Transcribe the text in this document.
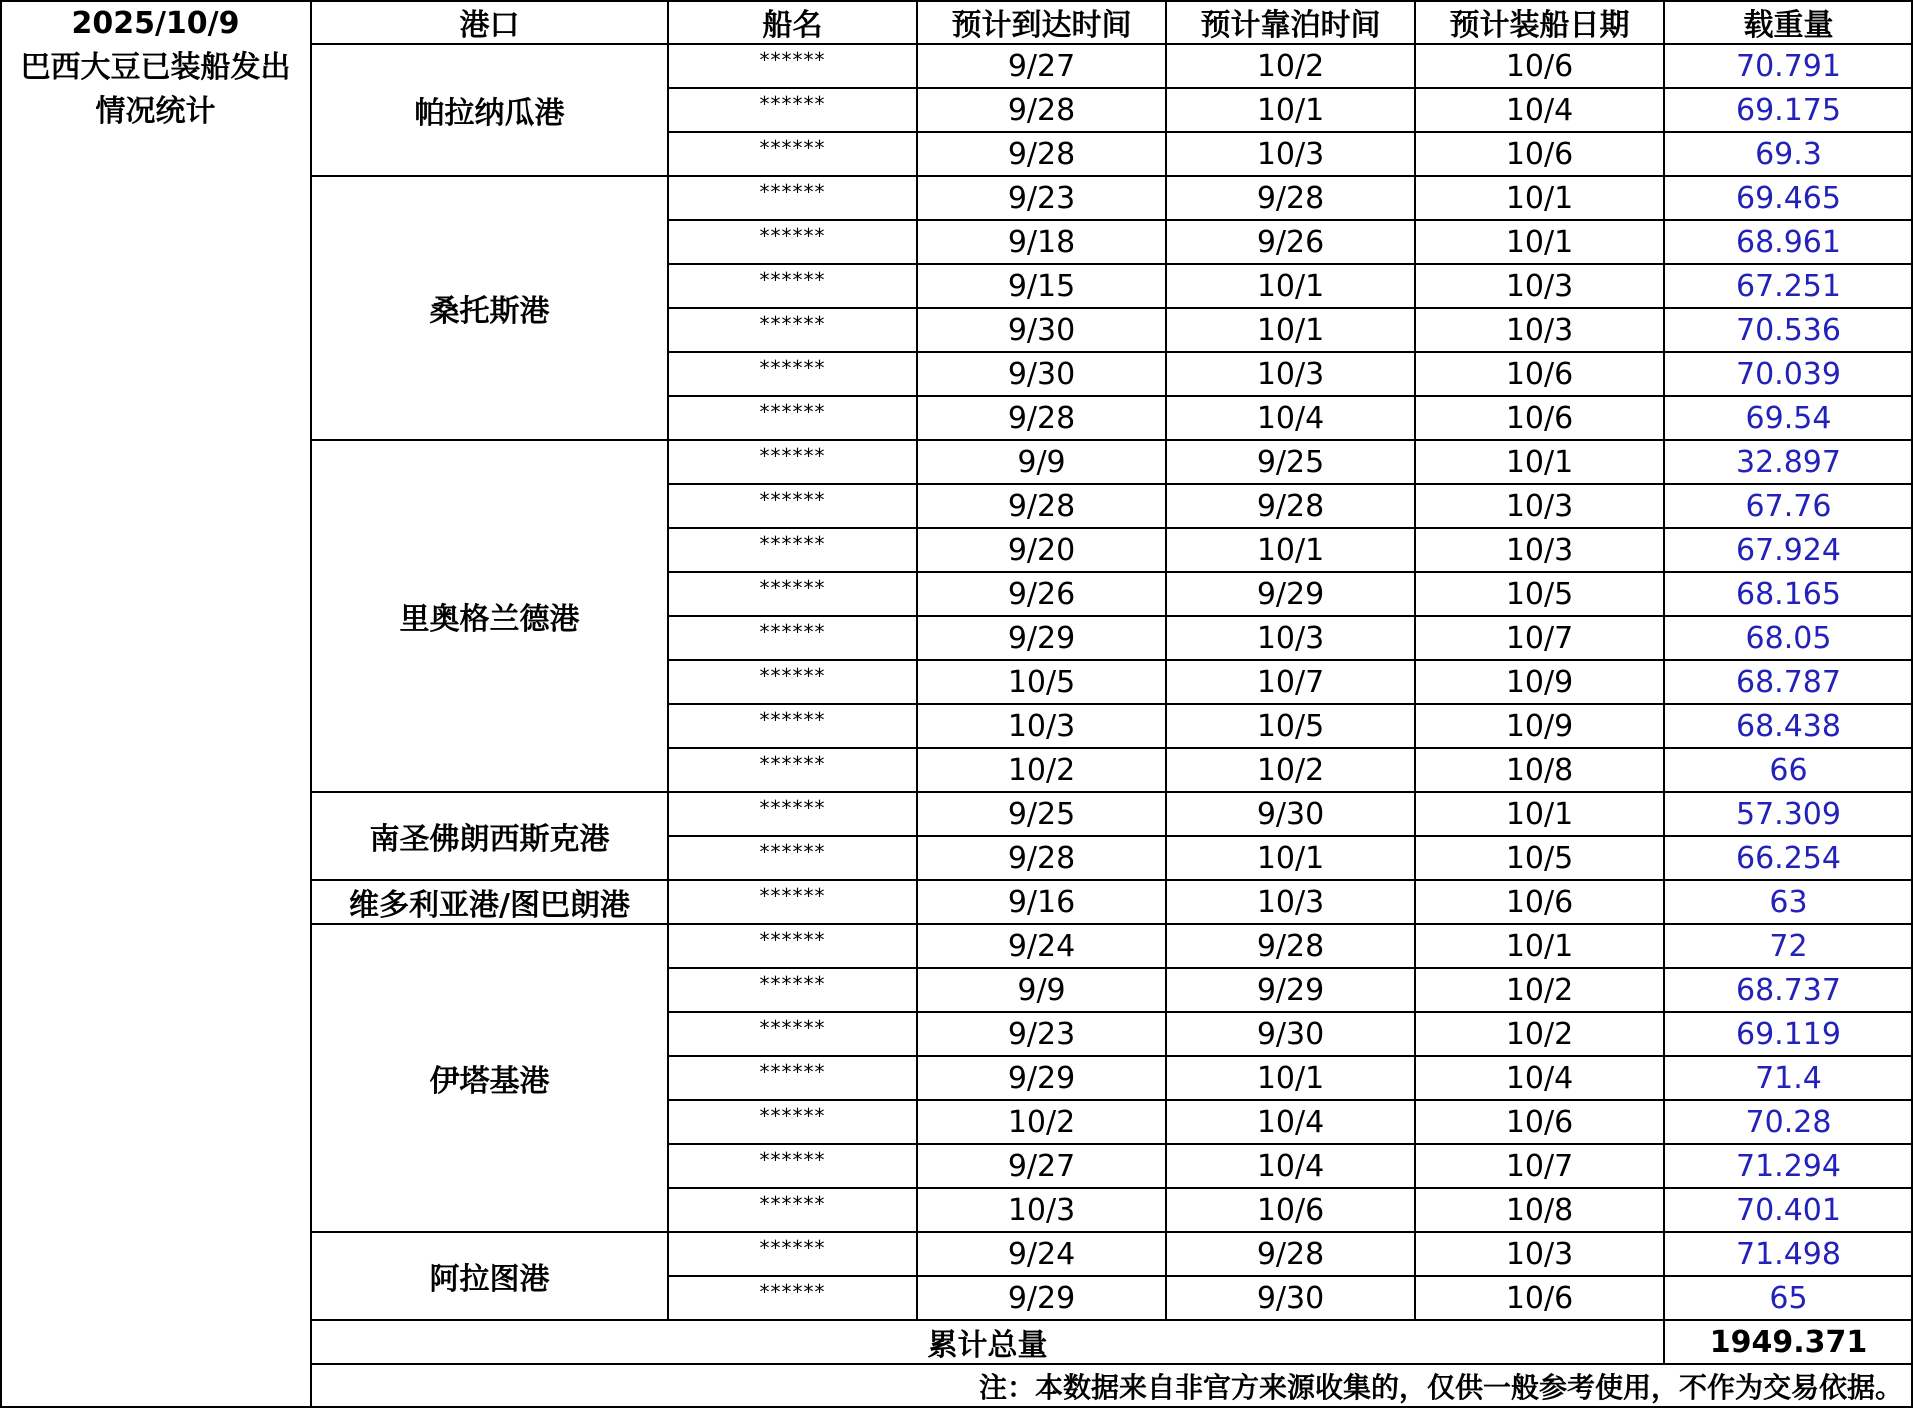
2025/10/9
巴西大豆已装船发出
情况统计
港口	船名	预计到达时间	预计靠泊时间	预计装船日期	载重量
帕拉纳瓜港
******	9/27	10/2	10/6	70.791
******	9/28	10/1	10/4	69.175
******	9/28	10/3	10/6	69.3
桑托斯港
******	9/23	9/28	10/1	69.465
******	9/18	9/26	10/1	68.961
******	9/15	10/1	10/3	67.251
******	9/30	10/1	10/3	70.536
******	9/30	10/3	10/6	70.039
******	9/28	10/4	10/6	69.54
里奥格兰德港
******	9/9	9/25	10/1	32.897
******	9/28	9/28	10/3	67.76
******	9/20	10/1	10/3	67.924
******	9/26	9/29	10/5	68.165
******	9/29	10/3	10/7	68.05
******	10/5	10/7	10/9	68.787
******	10/3	10/5	10/9	68.438
******	10/2	10/2	10/8	66
南圣佛朗西斯克港
******	9/25	9/30	10/1	57.309
******	9/28	10/1	10/5	66.254
维多利亚港/图巴朗港	******	9/16	10/3	10/6	63
伊塔基港
******	9/24	9/28	10/1	72
******	9/9	9/29	10/2	68.737
******	9/23	9/30	10/2	69.119
******	9/29	10/1	10/4	71.4
******	10/2	10/4	10/6	70.28
******	9/27	10/4	10/7	71.294
******	10/3	10/6	10/8	70.401
阿拉图港
******	9/24	9/28	10/3	71.498
******	9/29	9/30	10/6	65
累计总量	1949.371
注：本数据来自非官方来源收集的，仅供一般参考使用，不作为交易依据。
